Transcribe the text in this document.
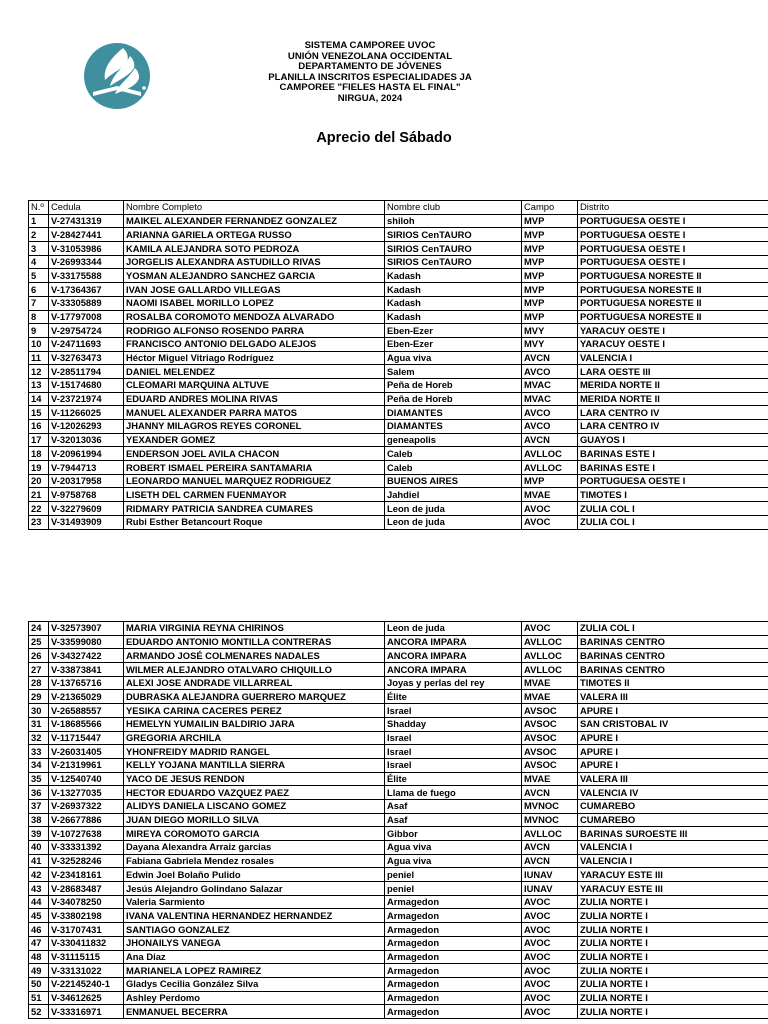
SISTEMA CAMPOREE UVOC
UNIÓN VENEZOLANA OCCIDENTAL
DEPARTAMENTO DE JÓVENES
PLANILLA INSCRITOS ESPECIALIDADES JA
CAMPOREE "FIELES HASTA EL FINAL"
NIRGUA, 2024
Aprecio del Sábado
N.º	Cedula	Nombre Completo	Nombre club	Campo	Distrito
1	V-27431319	MAIKEL ALEXANDER FERNANDEZ GONZALEZ	shiloh	MVP	PORTUGUESA OESTE I
2	V-28427441	ARIANNA GARIELA ORTEGA RUSSO	SIRIOS CenTAURO	MVP	PORTUGUESA OESTE I
3	V-31053986	KAMILA ALEJANDRA SOTO PEDROZA	SIRIOS CenTAURO	MVP	PORTUGUESA OESTE I
4	V-26993344	JORGELIS ALEXANDRA ASTUDILLO RIVAS	SIRIOS CenTAURO	MVP	PORTUGUESA OESTE I
5	V-33175588	YOSMAN ALEJANDRO SANCHEZ GARCIA	Kadash	MVP	PORTUGUESA NORESTE II
6	V-17364367	IVAN JOSE GALLARDO VILLEGAS	Kadash	MVP	PORTUGUESA NORESTE II
7	V-33305889	NAOMI ISABEL MORILLO LOPEZ	Kadash	MVP	PORTUGUESA NORESTE II
8	V-17797008	ROSALBA COROMOTO MENDOZA ALVARADO	Kadash	MVP	PORTUGUESA NORESTE II
9	V-29754724	RODRIGO ALFONSO ROSENDO PARRA	Eben-Ezer	MVY	YARACUY OESTE I
10	V-24711693	FRANCISCO ANTONIO DELGADO ALEJOS	Eben-Ezer	MVY	YARACUY OESTE I
11	V-32763473	Héctor Miguel Vitriago Rodríguez	Agua viva	AVCN	VALENCIA I
12	V-28511794	DANIEL MELENDEZ	Salem	AVCO	LARA OESTE III
13	V-15174680	CLEOMARI MARQUINA ALTUVE	Peña de Horeb	MVAC	MERIDA NORTE II
14	V-23721974	EDUARD ANDRES MOLINA RIVAS	Peña de Horeb	MVAC	MERIDA NORTE II
15	V-11266025	MANUEL ALEXANDER PARRA MATOS	DIAMANTES	AVCO	LARA CENTRO IV
16	V-12026293	JHANNY MILAGROS REYES CORONEL	DIAMANTES	AVCO	LARA CENTRO IV
17	V-32013036	YEXANDER GOMEZ	geneapolis	AVCN	GUAYOS I
18	V-20961994	ENDERSON JOEL AVILA CHACON	Caleb	AVLLOC	BARINAS ESTE I
19	V-7944713	ROBERT ISMAEL PEREIRA SANTAMARIA	Caleb	AVLLOC	BARINAS ESTE I
20	V-20317958	LEONARDO MANUEL MARQUEZ RODRIGUEZ	BUENOS AIRES	MVP	PORTUGUESA OESTE I
21	V-9758768	LISETH DEL CARMEN FUENMAYOR	Jahdiel	MVAE	TIMOTES I
22	V-32279609	RIDMARY PATRICIA SANDREA CUMARES	Leon de juda	AVOC	ZULIA COL I
23	V-31493909	Rubi Esther Betancourt Roque	Leon de juda	AVOC	ZULIA COL I
24	V-32573907	MARIA VIRGINIA REYNA CHIRINOS	Leon de juda	AVOC	ZULIA COL I
25	V-33599080	EDUARDO ANTONIO MONTILLA CONTRERAS	ANCORA IMPARA	AVLLOC	BARINAS CENTRO
26	V-34327422	ARMANDO JOSÉ COLMENARES NADALES	ANCORA IMPARA	AVLLOC	BARINAS CENTRO
27	V-33873841	WILMER ALEJANDRO OTALVARO CHIQUILLO	ANCORA IMPARA	AVLLOC	BARINAS CENTRO
28	V-13765716	ALEXI JOSE ANDRADE VILLARREAL	Joyas y perlas del rey	MVAE	TIMOTES II
29	V-21365029	DUBRASKA ALEJANDRA GUERRERO MARQUEZ	Élite	MVAE	VALERA III
30	V-26588557	YESIKA CARINA CACERES PEREZ	Israel	AVSOC	APURE I
31	V-18685566	HEMELYN YUMAILIN BALDIRIO JARA	Shadday	AVSOC	SAN CRISTOBAL IV
32	V-11715447	GREGORIA ARCHILA	Israel	AVSOC	APURE I
33	V-26031405	YHONFREIDY MADRID RANGEL	Israel	AVSOC	APURE I
34	V-21319961	KELLY YOJANA MANTILLA SIERRA	Israel	AVSOC	APURE I
35	V-12540740	YACO DE JESUS RENDON	Élite	MVAE	VALERA III
36	V-13277035	HECTOR EDUARDO VAZQUEZ PAEZ	Llama de fuego	AVCN	VALENCIA IV
37	V-26937322	ALIDYS DANIELA LISCANO GOMEZ	Asaf	MVNOC	CUMAREBO
38	V-26677886	JUAN DIEGO MORILLO SILVA	Asaf	MVNOC	CUMAREBO
39	V-10727638	MIREYA COROMOTO GARCIA	Gibbor	AVLLOC	BARINAS SUROESTE III
40	V-33331392	Dayana Alexandra Arraiz garcias	Agua viva	AVCN	VALENCIA I
41	V-32528246	Fabiana Gabriela Mendez rosales	Agua viva	AVCN	VALENCIA I
42	V-23418161	Edwin Joel Bolaño Pulido	peniel	IUNAV	YARACUY ESTE III
43	V-28683487	Jesús Alejandro Golindano Salazar	peniel	IUNAV	YARACUY ESTE III
44	V-34078250	Valeria Sarmiento	Armagedon	AVOC	ZULIA NORTE I
45	V-33802198	IVANA VALENTINA HERNANDEZ HERNANDEZ	Armagedon	AVOC	ZULIA NORTE I
46	V-31707431	SANTIAGO GONZALEZ	Armagedon	AVOC	ZULIA NORTE I
47	V-330411832	JHONAILYS VANEGA	Armagedon	AVOC	ZULIA NORTE I
48	V-31115115	Ana Diaz	Armagedon	AVOC	ZULIA NORTE I
49	V-33131022	MARIANELA LOPEZ RAMIREZ	Armagedon	AVOC	ZULIA NORTE I
50	V-22145240-1	Gladys Cecilia González Silva	Armagedon	AVOC	ZULIA NORTE I
51	V-34612625	Ashley Perdomo	Armagedon	AVOC	ZULIA NORTE I
52	V-33316971	ENMANUEL BECERRA	Armagedon	AVOC	ZULIA NORTE I
